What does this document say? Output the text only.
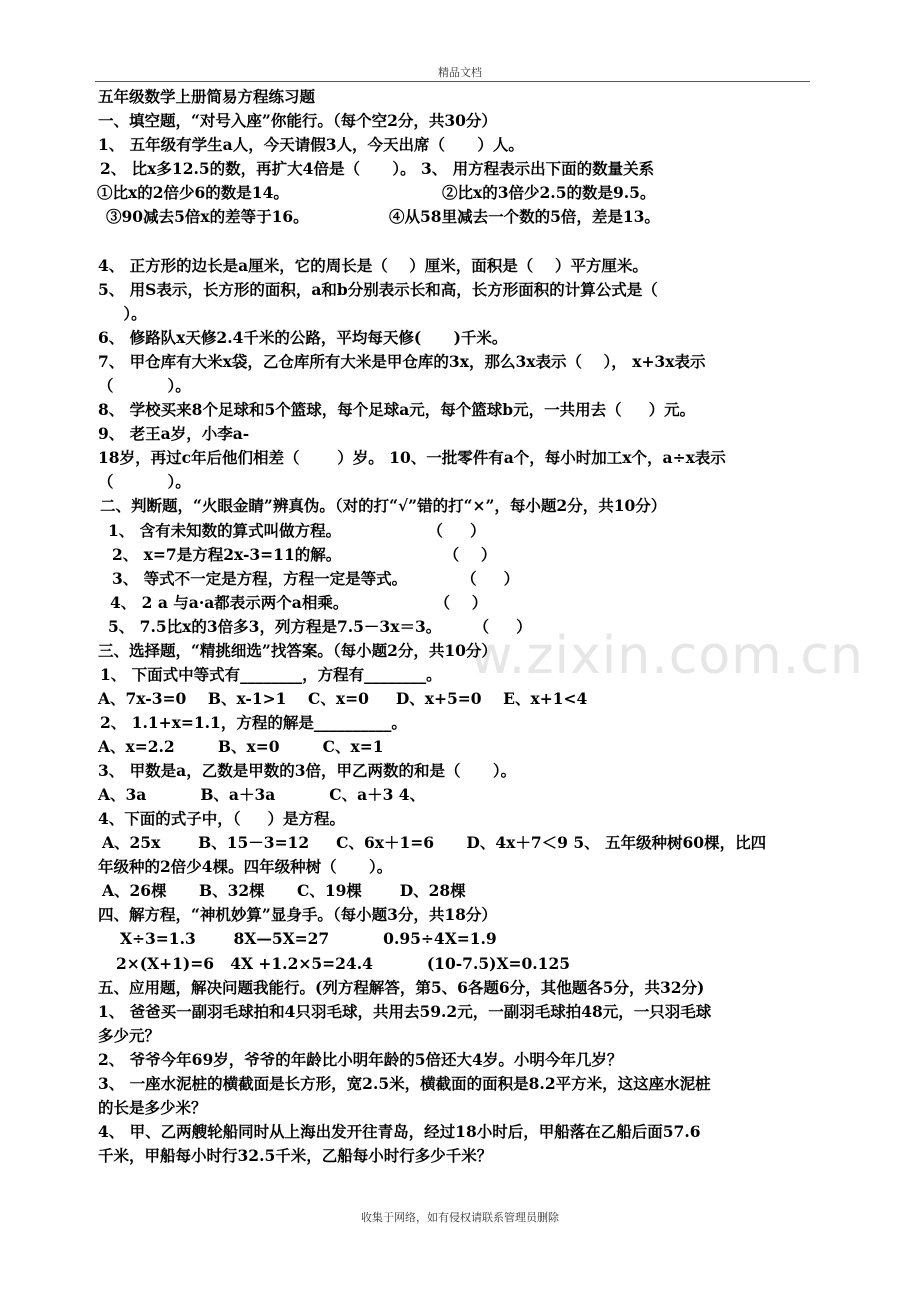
精品文档
w.zixin.com.cn
五年级数学上册简易方程练习题
一、填空题，“对号入座”你能行。（每个空2分，共30分）
1、 五年级有学生a人，今天请假3人，今天出席（      ）人。
2、 比x多12.5的数，再扩大4倍是（      ）。 3、 用方程表示出下面的数量关系
①比x的2倍少6的数是14。	②比x的3倍少2.5的数是9.5。
③90减去5倍x的差等于16。	④从58里减去一个数的5倍，差是13。
4、 正方形的边长是a厘米，它的周长是（    ）厘米，面积是（    ）平方厘米。
5、 用S表示，长方形的面积，a和b分别表示长和高，长方形面积的计算公式是（
）。
6、 修路队x天修2.4千米的公路，平均每天修(      )千米。
7、 甲仓库有大米x袋，乙仓库所有大米是甲仓库的3x，那么3x表示（    ）， x+3x表示
（          ）。
8、 学校买来8个足球和5个篮球，每个足球a元，每个篮球b元，一共用去（     ）元。
9、 老王a岁，小李a-
18岁，再过c年后他们相差（       ）岁。 10、一批零件有a个，每小时加工x个，a÷x表示
（          ）。
二、判断题，“火眼金睛”辨真伪。（对的打“√”错的打“×”，每小题2分，共10分）
1、 含有未知数的算式叫做方程。                （     ）
2、 x=7是方程2x-3=11的解。                   （    ）
3、 等式不一定是方程，方程一定是等式。          （     ）
4、 2 a 与a·a都表示两个a相乘。                （    ）
5、 7.5比x的3倍多3，列方程是7.5－3x＝3。      （     ）
三、选择题，“精挑细选”找答案。（每小题2分，共10分）
1、 下面式中等式有________，方程有________。
A、7x-3=0    B、x-1>1    C、x=0     D、x+5=0    E、x+1<4
2、 1.1+x=1.1，方程的解是__________。
A、x=2.2        B、x=0        C、x=1
3、 甲数是a，乙数是甲数的3倍，甲乙两数的和是（      ）。
A、3a          B、a＋3a          C、a＋3 4、
4、下面的式子中，（     ）是方程。
A、25x       B、15－3=12     C、6x＋1=6      D、4x＋7＜9 5、 五年级种树60棵，比四
年级种的2倍少4棵。四年级种树（      ）。
A、26棵      B、32棵      C、19棵       D、28棵
四、解方程，“神机妙算”显身手。（每小题3分，共18分）
X÷3=1.3       8X—5X=27          0.95÷4X=1.9
2×(X+1)=6   4X +1.2×5=24.4          (10-7.5)X=0.125
五、应用题，解决问题我能行。(列方程解答，第5、6各题6分，其他题各5分，共32分)
1、 爸爸买一副羽毛球拍和4只羽毛球，共用去59.2元，一副羽毛球拍48元，一只羽毛球
多少元？
2、 爷爷今年69岁，爷爷的年龄比小明年龄的5倍还大4岁。小明今年几岁？
3、 一座水泥桩的横截面是长方形，宽2.5米，横截面的面积是8.2平方米，这这座水泥桩
的长是多少米？
4、 甲、乙两艘轮船同时从上海出发开往青岛，经过18小时后，甲船落在乙船后面57.6
千米，甲船每小时行32.5千米，乙船每小时行多少千米？
收集于网络，如有侵权请联系管理员删除
